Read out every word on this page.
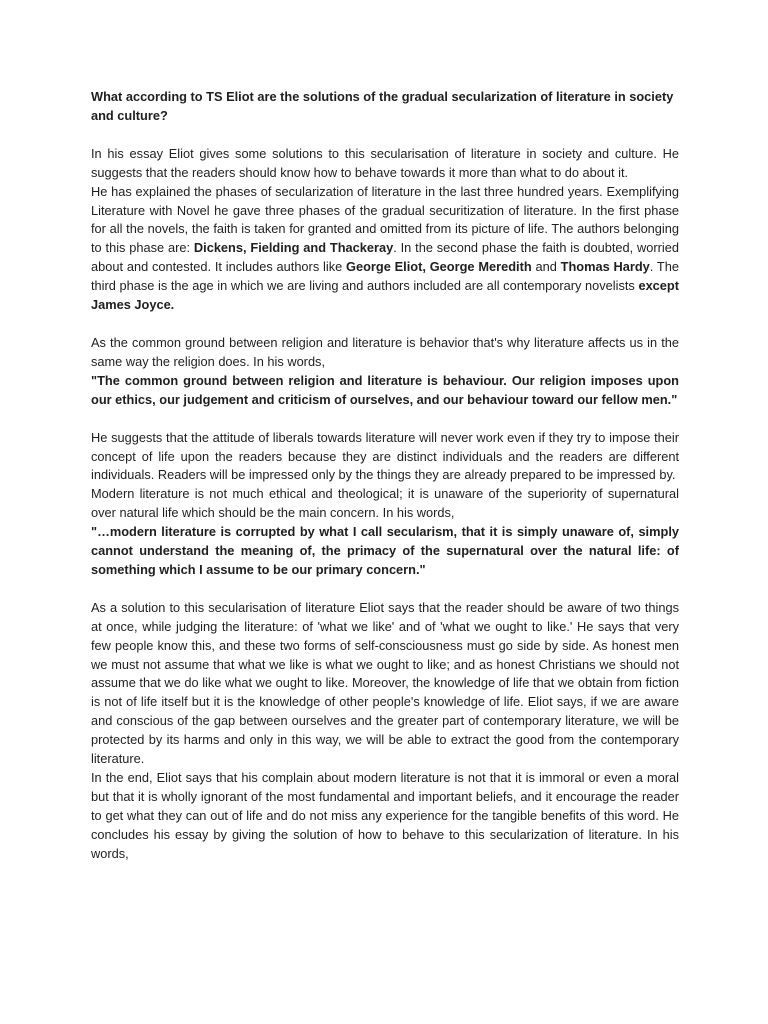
What according to TS Eliot are the solutions of the gradual secularization of literature in society and culture?

In his essay Eliot gives some solutions to this secularisation of literature in society and culture. He suggests that the readers should know how to behave towards it more than what to do about it.

He has explained the phases of secularization of literature in the last three hundred years. Exemplifying Literature with Novel he gave three phases of the gradual securitization of literature. In the first phase for all the novels, the faith is taken for granted and omitted from its picture of life. The authors belonging to this phase are: Dickens, Fielding and Thackeray. In the second phase the faith is doubted, worried about and contested. It includes authors like George Eliot, George Meredith and Thomas Hardy. The third phase is the age in which we are living and authors included are all contemporary novelists except James Joyce.

As the common ground between religion and literature is behavior that's why literature affects us in the same way the religion does. In his words,

"The common ground between religion and literature is behaviour. Our religion imposes upon our ethics, our judgement and criticism of ourselves, and our behaviour toward our fellow men."

He suggests that the attitude of liberals towards literature will never work even if they try to impose their concept of life upon the readers because they are distinct individuals and the readers are different individuals. Readers will be impressed only by the things they are already prepared to be impressed by.

Modern literature is not much ethical and theological; it is unaware of the superiority of supernatural over natural life which should be the main concern. In his words,

"…modern literature is corrupted by what I call secularism, that it is simply unaware of, simply cannot understand the meaning of, the primacy of the supernatural over the natural life: of something which I assume to be our primary concern."

As a solution to this secularisation of literature Eliot says that the reader should be aware of two things at once, while judging the literature: of 'what we like' and of 'what we ought to like.' He says that very few people know this, and these two forms of self-consciousness must go side by side. As honest men we must not assume that what we like is what we ought to like; and as honest Christians we should not assume that we do like what we ought to like. Moreover, the knowledge of life that we obtain from fiction is not of life itself but it is the knowledge of other people's knowledge of life. Eliot says, if we are aware and conscious of the gap between ourselves and the greater part of contemporary literature, we will be protected by its harms and only in this way, we will be able to extract the good from the contemporary literature.

In the end, Eliot says that his complain about modern literature is not that it is immoral or even a moral but that it is wholly ignorant of the most fundamental and important beliefs, and it encourage the reader to get what they can out of life and do not miss any experience for the tangible benefits of this word. He concludes his essay by giving the solution of how to behave to this secularization of literature. In his words,
